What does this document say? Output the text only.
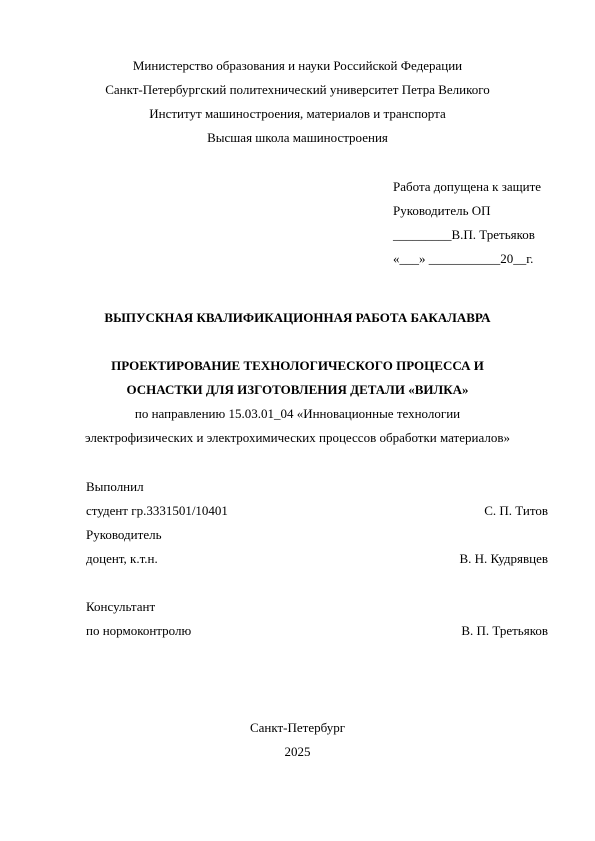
Министерство образования и науки Российской Федерации
Санкт-Петербургский политехнический университет Петра Великого
Институт машиностроения, материалов и транспорта
Высшая школа машиностроения
Работа допущена к защите
Руководитель ОП
_________В.П. Третьяков
«___» ___________20__г.
ВЫПУСКНАЯ КВАЛИФИКАЦИОННАЯ РАБОТА БАКАЛАВРА
ПРОЕКТИРОВАНИЕ ТЕХНОЛОГИЧЕСКОГО ПРОЦЕССА И
ОСНАСТКИ ДЛЯ ИЗГОТОВЛЕНИЯ ДЕТАЛИ «ВИЛКА»
по направлению 15.03.01_04 «Инновационные технологии
электрофизических и электрохимических процессов обработки материалов»
Выполнил
студент гр.3331501/10401	С. П. Титов
Руководитель
доцент, к.т.н.	В. Н. Кудрявцев
Консультант
по нормоконтролю	В. П. Третьяков
Санкт-Петербург
2025
